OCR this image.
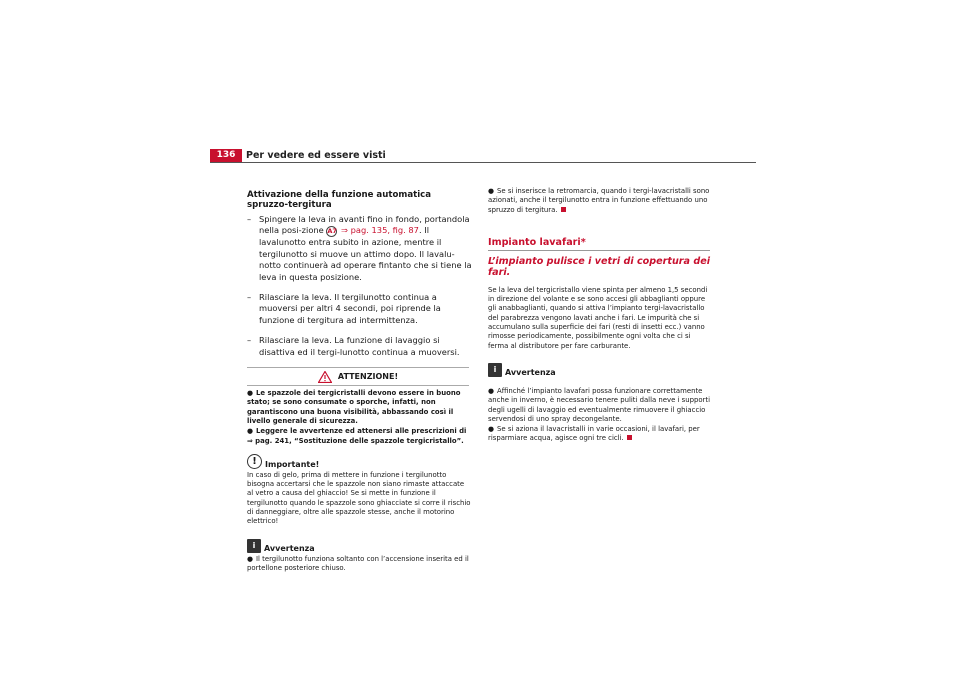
136	Per vedere ed essere visti
Attivazione della funzione automatica spruzzo-tergitura
– Spingere la leva in avanti fino in fondo, portandola nella posi-zione A7 ⇒ pag. 135, fig. 87. Il lavalunotto entra subito in azione, mentre il tergilunotto si muove un attimo dopo. Il lavalu-notto continuerà ad operare fintanto che si tiene la leva in questa posizione.
– Rilasciare la leva. Il tergilunotto continua a muoversi per altri 4 secondi, poi riprende la funzione di tergitura ad intermittenza.
– Rilasciare la leva. La funzione di lavaggio si disattiva ed il tergi-lunotto continua a muoversi.
ATTENZIONE!
● Le spazzole dei tergicristalli devono essere in buono stato; se sono consumate o sporche, infatti, non garantiscono una buona visibilità, abbassando così il livello generale di sicurezza.
● Leggere le avvertenze ed attenersi alle prescrizioni di ⇒ pag. 241, “Sostituzione delle spazzole tergicristallo”.
!	Importante!

In caso di gelo, prima di mettere in funzione i tergilunotto bisogna accertarsi che le spazzole non siano rimaste attaccate al vetro a causa del ghiaccio! Se si mette in funzione il tergilunotto quando le spazzole sono ghiacciate si corre il rischio di danneggiare, oltre alle spazzole stesse, anche il motorino elettrico!

i	Avvertenza
● Il tergilunotto funziona soltanto con l’accensione inserita ed il portellone posteriore chiuso.
● Se si inserisce la retromarcia, quando i tergi-lavacristalli sono azionati, anche il tergilunotto entra in funzione effettuando uno spruzzo di tergitura.
Impianto lavafari*
L’impianto pulisce i vetri di copertura dei fari.

Se la leva del tergicristallo viene spinta per almeno 1,5 secondi in direzione del volante e se sono accesi gli abbaglianti oppure gli anabbaglianti, quando si attiva l’impianto tergi-lavacristallo del parabrezza vengono lavati anche i fari. Le impurità che si accumulano sulla superficie dei fari (resti di insetti ecc.) vanno rimosse periodicamente, possibilmente ogni volta che ci si ferma al distributore per fare carburante.

i	Avvertenza
● Affinché l’impianto lavafari possa funzionare correttamente anche in inverno, è necessario tenere puliti dalla neve i supporti degli ugelli di lavaggio ed eventualmente rimuovere il ghiaccio servendosi di uno spray decongelante.
● Se si aziona il lavacristalli in varie occasioni, il lavafari, per risparmiare acqua, agisce ogni tre cicli.
